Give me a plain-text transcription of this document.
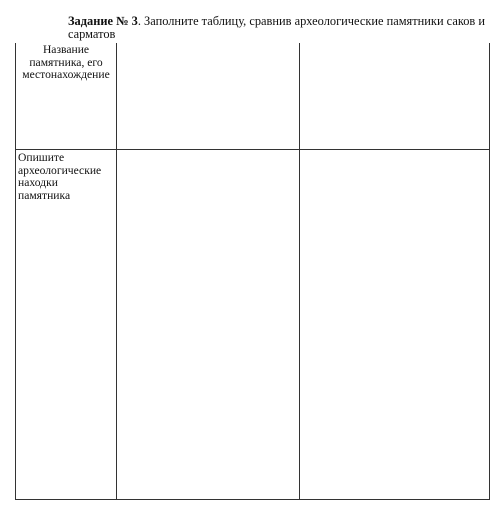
Задание № 3. Заполните таблицу, сравнив археологические памятники саков и сарматов
Название
памятника, его
местонахождение		

Опишите
археологические
находки
памятника		
